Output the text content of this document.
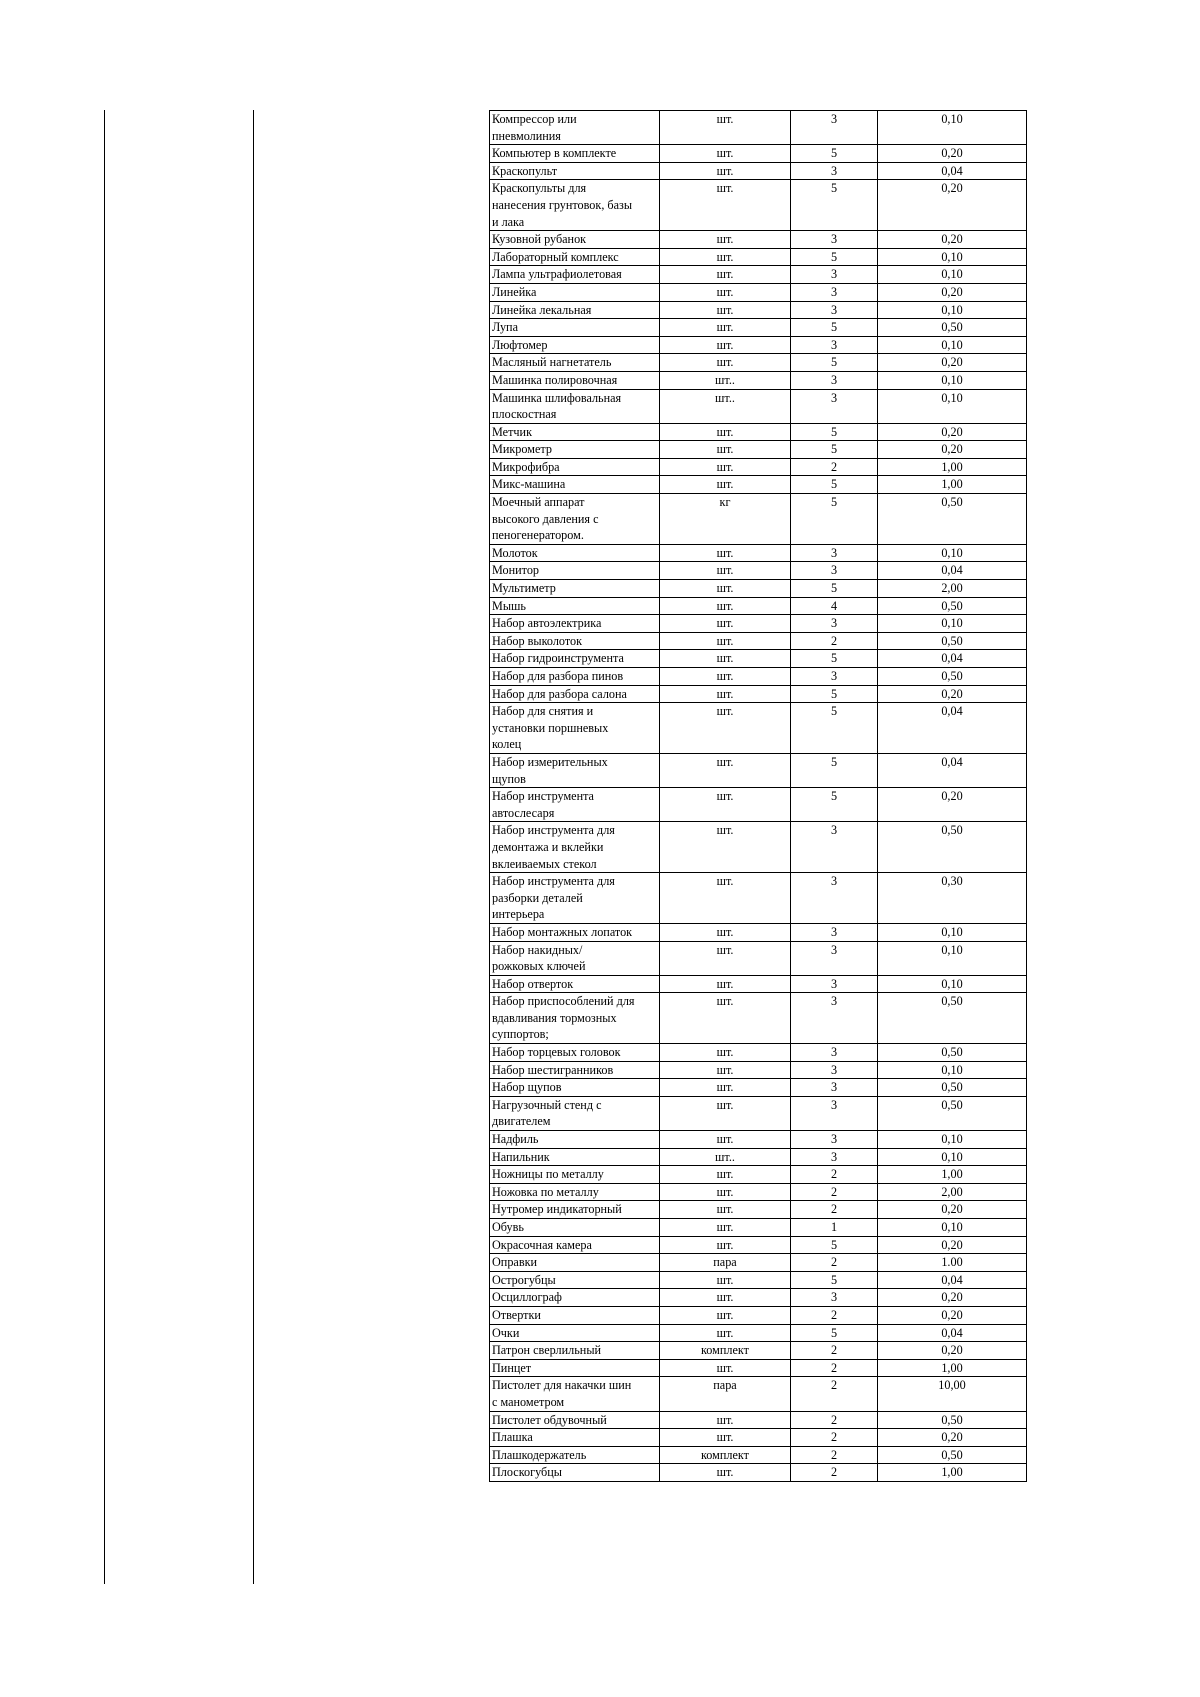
Компрессор или
пневмолиния	шт.	3	0,10
Компьютер в комплекте	шт.	5	0,20
Краскопульт	шт.	3	0,04
Краскопульты для
нанесения грунтовок, базы
и лака	шт.	5	0,20
Кузовной рубанок	шт.	3	0,20
Лабораторный комплекс	шт.	5	0,10
Лампа ультрафиолетовая	шт.	3	0,10
Линейка	шт.	3	0,20
Линейка лекальная	шт.	3	0,10
Лупа	шт.	5	0,50
Люфтомер	шт.	3	0,10
Масляный нагнетатель	шт.	5	0,20
Машинка полировочная	шт..	3	0,10
Машинка шлифовальная
плоскостная	шт..	3	0,10
Метчик	шт.	5	0,20
Микрометр	шт.	5	0,20
Микрофибра	шт.	2	1,00
Микс-машина	шт.	5	1,00
Моечный аппарат
высокого давления с
пеногенератором.	кг	5	0,50
Молоток	шт.	3	0,10
Монитор	шт.	3	0,04
Мультиметр	шт.	5	2,00
Мышь	шт.	4	0,50
Набор автоэлектрика	шт.	3	0,10
Набор выколоток	шт.	2	0,50
Набор гидроинструмента	шт.	5	0,04
Набор для разбора пинов	шт.	3	0,50
Набор для разбора салона	шт.	5	0,20
Набор для снятия и
установки поршневых
колец	шт.	5	0,04
Набор измерительных
щупов	шт.	5	0,04
Набор инструмента
автослесаря	шт.	5	0,20
Набор инструмента для
демонтажа и вклейки
вклеиваемых стекол	шт.	3	0,50
Набор инструмента для
разборки деталей
интерьера	шт.	3	0,30
Набор монтажных лопаток	шт.	3	0,10
Набор накидных/
рожковых ключей	шт.	3	0,10
Набор отверток	шт.	3	0,10
Набор приспособлений для
вдавливания тормозных
суппортов;	шт.	3	0,50
Набор торцевых головок	шт.	3	0,50
Набор шестигранников	шт.	3	0,10
Набор щупов	шт.	3	0,50
Нагрузочный стенд с
двигателем	шт.	3	0,50
Надфиль	шт.	3	0,10
Напильник	шт..	3	0,10
Ножницы по металлу	шт.	2	1,00
Ножовка по металлу	шт.	2	2,00
Нутромер индикаторный	шт.	2	0,20
Обувь	шт.	1	0,10
Окрасочная камера	шт.	5	0,20
Оправки	пара	2	1.00
Острогубцы	шт.	5	0,04
Осциллограф	шт.	3	0,20
Отвертки	шт.	2	0,20
Очки	шт.	5	0,04
Патрон сверлильный	комплект	2	0,20
Пинцет	шт.	2	1,00
Пистолет для накачки шин
с манометром	пара	2	10,00
Пистолет обдувочный	шт.	2	0,50
Плашка	шт.	2	0,20
Плашкодержатель	комплект	2	0,50
Плоскогубцы	шт.	2	1,00
